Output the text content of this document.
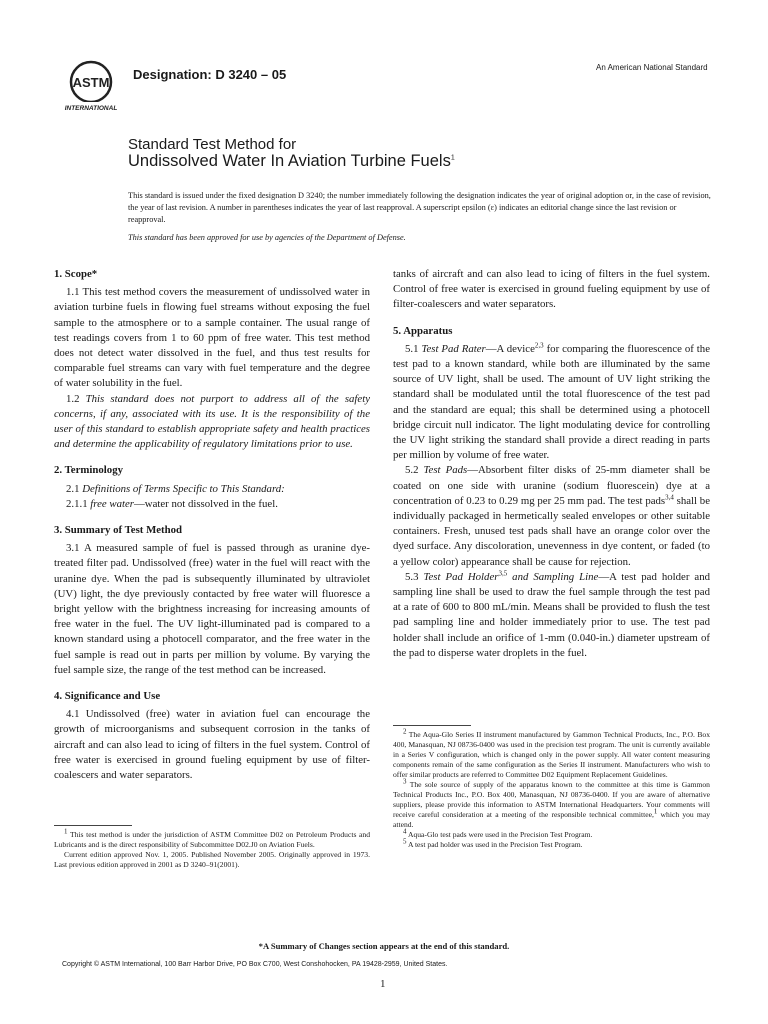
ASTM
INTERNATIONAL
Designation: D 3240 – 05	An American National Standard
Standard Test Method for
Undissolved Water In Aviation Turbine Fuels$^1$
This standard is issued under the fixed designation D 3240; the number immediately following the designation indicates the year of original adoption or, in the case of revision, the year of last revision. A number in parentheses indicates the year of last reapproval. A superscript epsilon (ε) indicates an editorial change since the last revision or reapproval.
This standard has been approved for use by agencies of the Department of Defense.
1. Scope*

1.1 This test method covers the measurement of undissolved water in aviation turbine fuels in flowing fuel streams without exposing the fuel sample to the atmosphere or to a sample container. The usual range of test readings covers from 1 to 60 ppm of free water. This test method does not detect water dissolved in the fuel, and thus test results for comparable fuel streams can vary with fuel temperature and the degree of water solubility in the fuel.

1.2 This standard does not purport to address all of the safety concerns, if any, associated with its use. It is the responsibility of the user of this standard to establish appropriate safety and health practices and determine the applicability of regulatory limitations prior to use.

2. Terminology

2.1 Definitions of Terms Specific to This Standard:

2.1.1 free water—water not dissolved in the fuel.

3. Summary of Test Method

3.1 A measured sample of fuel is passed through as uranine dye-treated filter pad. Undissolved (free) water in the fuel will react with the uranine dye. When the pad is subsequently illuminated by ultraviolet (UV) light, the dye previously contacted by free water will fluoresce a bright yellow with the brightness increasing for increasing amounts of free water in the fuel. The UV light-illuminated pad is compared to a known standard using a photocell comparator, and the free water in the fuel sample is read out in parts per million by volume. By varying the fuel sample size, the range of the test method can be increased.

4. Significance and Use

4.1 Undissolved (free) water in aviation fuel can encourage the growth of microorganisms and subsequent corrosion in the tanks of aircraft and can also lead to icing of filters in the fuel system. Control of free water is exercised in ground fueling equipment by use of filter-coalescers and water separators.

tanks of aircraft and can also lead to icing of filters in the fuel system. Control of free water is exercised in ground fueling equipment by use of filter-coalescers and water separators.

5. Apparatus

5.1 Test Pad Rater—A device$^{2,3}$ for comparing the fluorescence of the test pad to a known standard, while both are illuminated by the same source of UV light, shall be used. The amount of UV light striking the standard shall be modulated until the total fluorescence of the test pad and the standard are equal; this shall be determined using a photocell bridge circuit null indicator. The light modulating device for controlling the UV light striking the standard shall provide a direct reading in parts per million by volume of free water.

5.2 Test Pads—Absorbent filter disks of 25-mm diameter shall be coated on one side with uranine (sodium fluorescein) dye at a concentration of 0.23 to 0.29 mg per 25 mm pad. The test pads$^{3,4}$ shall be individually packaged in hermetically sealed envelopes or other suitable containers. Fresh, unused test pads shall have an orange color over the dyed surface. Any discoloration, unevenness in dye content, or faded (to a yellow color) appearance shall be cause for rejection.

5.3 Test Pad Holder$^{3,5}$ and Sampling Line—A test pad holder and sampling line shall be used to draw the fuel sample through the test pad at a rate of 600 to 800 mL/min. Means shall be provided to flush the test pad sampling line and holder immediately prior to use. The test pad holder shall include an orifice of 1-mm (0.040-in.) diameter upstream of the pad to disperse water droplets in the fuel.

$^1$ This test method is under the jurisdiction of ASTM Committee D02 on Petroleum Products and Lubricants and is the direct responsibility of Subcommittee D02.J0 on Aviation Fuels.

Current edition approved Nov. 1, 2005. Published November 2005. Originally approved in 1973. Last previous edition approved in 2001 as D 3240–91(2001).

$^2$ The Aqua-Glo Series II instrument manufactured by Gammon Technical Products, Inc., P.O. Box 400, Manasquan, NJ 08736-0400 was used in the precision test program. The unit is currently available in a Series V configuration, which is changed only in the power supply. All water content measuring components remain of the same configuration as the Series II instrument. Manufacturers who wish to offer similar products are referred to Committee D02 Equipment Replacement Guidelines.

$^3$ The sole source of supply of the apparatus known to the committee at this time is Gammon Technical Products Inc., P.O. Box 400, Manasquan, NJ 08736-0400. If you are aware of alternative suppliers, please provide this information to ASTM International Headquarters. Your comments will receive careful consideration at a meeting of the responsible technical committee,$^1$ which you may attend.

$^4$ Aqua-Glo test pads were used in the Precision Test Program.

$^5$ A test pad holder was used in the Precision Test Program.

*A Summary of Changes section appears at the end of this standard.
Copyright © ASTM International, 100 Barr Harbor Drive, PO Box C700, West Conshohocken, PA 19428-2959, United States.
1
